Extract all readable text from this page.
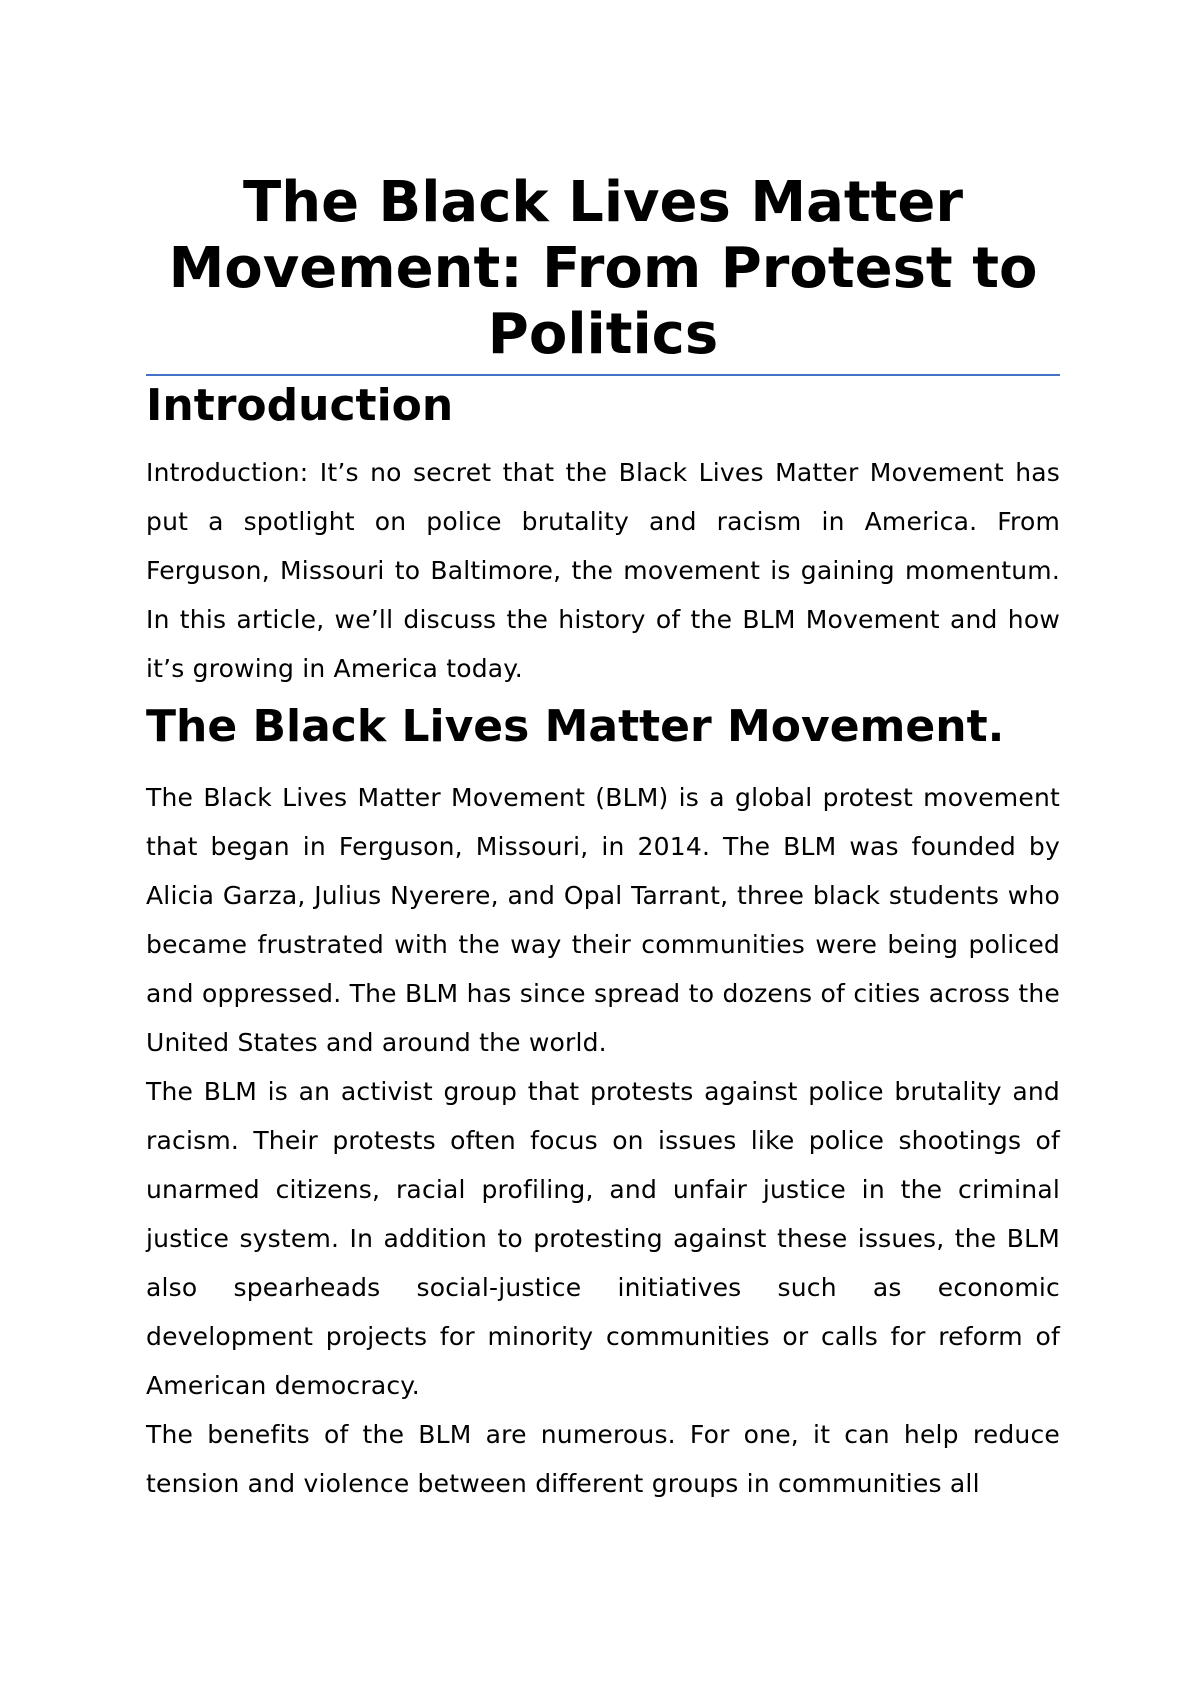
The Black Lives Matter Movement: From Protest to Politics
Introduction

Introduction: It’s no secret that the Black Lives Matter Movement has put a spotlight on police brutality and racism in America. From Ferguson, Missouri to Baltimore, the movement is gaining momentum. In this article, we’ll discuss the history of the BLM Movement and how it’s growing in America today.

The Black Lives Matter Movement.

The Black Lives Matter Movement (BLM) is a global protest movement that began in Ferguson, Missouri, in 2014. The BLM was founded by Alicia Garza, Julius Nyerere, and Opal Tarrant, three black students who became frustrated with the way their communities were being policed and oppressed. The BLM has since spread to dozens of cities across the United States and around the world.

The BLM is an activist group that protests against police brutality and racism. Their protests often focus on issues like police shootings of unarmed citizens, racial profiling, and unfair justice in the criminal justice system. In addition to protesting against these issues, the BLM also spearheads social-justice initiatives such as economic development projects for minority communities or calls for reform of American democracy.

The benefits of the BLM are numerous. For one, it can help reduce tension and violence between different groups in communities all
